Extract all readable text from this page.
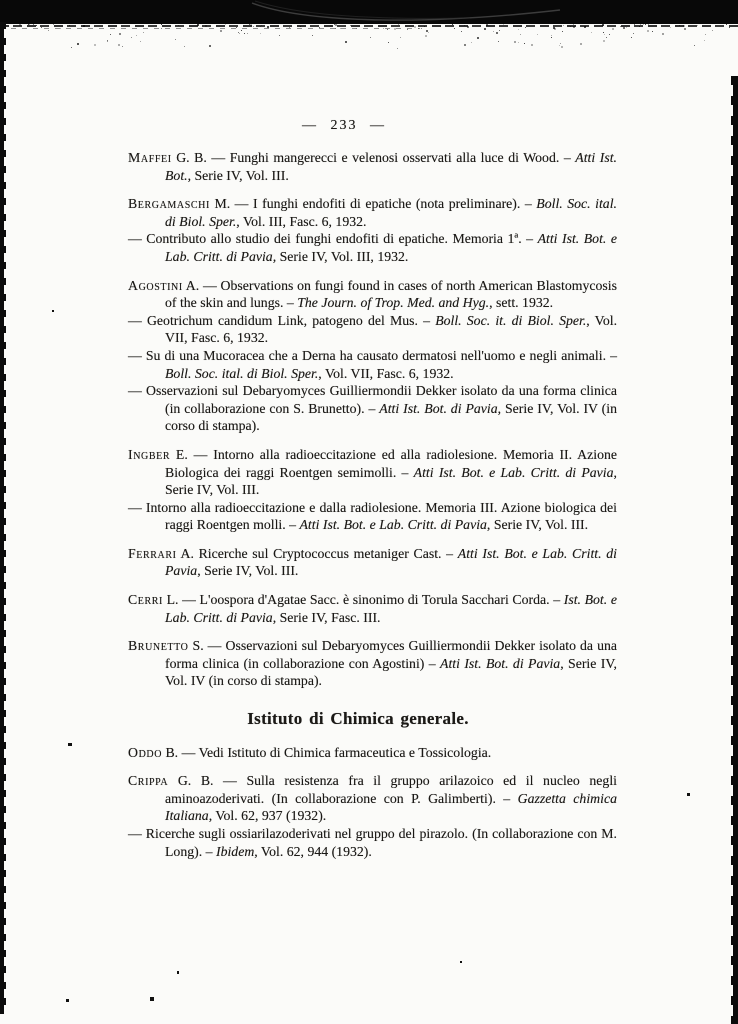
— 233 —

Maffei G. B. — Funghi mangerecci e velenosi osservati alla luce di Wood. – Atti Ist. Bot., Serie IV, Vol. III.

Bergamaschi M. — I funghi endofiti di epatiche (nota preliminare). – Boll. Soc. ital. di Biol. Sper., Vol. III, Fasc. 6, 1932.

— Contributo allo studio dei funghi endofiti di epatiche. Memoria 1ª. – Atti Ist. Bot. e Lab. Critt. di Pavia, Serie IV, Vol. III, 1932.

Agostini A. — Observations on fungi found in cases of north American Blastomycosis of the skin and lungs. – The Journ. of Trop. Med. and Hyg., sett. 1932.

— Geotrichum candidum Link, patogeno del Mus. – Boll. Soc. it. di Biol. Sper., Vol. VII, Fasc. 6, 1932.

— Su di una Mucoracea che a Derna ha causato dermatosi nell'uomo e negli animali. – Boll. Soc. ital. di Biol. Sper., Vol. VII, Fasc. 6, 1932.

— Osservazioni sul Debaryomyces Guilliermondii Dekker isolato da una forma clinica (in collaborazione con S. Brunetto). – Atti Ist. Bot. di Pavia, Serie IV, Vol. IV (in corso di stampa).

Ingber E. — Intorno alla radioeccitazione ed alla radiolesione. Memoria II. Azione Biologica dei raggi Roentgen semimolli. – Atti Ist. Bot. e Lab. Critt. di Pavia, Serie IV, Vol. III.

— Intorno alla radioeccitazione e dalla radiolesione. Memoria III. Azione biologica dei raggi Roentgen molli. – Atti Ist. Bot. e Lab. Critt. di Pavia, Serie IV, Vol. III.

Ferrari A. Ricerche sul Cryptococcus metaniger Cast. – Atti Ist. Bot. e Lab. Critt. di Pavia, Serie IV, Vol. III.

Cerri L. — L'oospora d'Agatae Sacc. è sinonimo di Torula Sacchari Corda. – Ist. Bot. e Lab. Critt. di Pavia, Serie IV, Fasc. III.

Brunetto S. — Osservazioni sul Debaryomyces Guilliermondii Dekker isolato da una forma clinica (in collaborazione con Agostini) – Atti Ist. Bot. di Pavia, Serie IV, Vol. IV (in corso di stampa).

Istituto di Chimica generale.

Oddo B. — Vedi Istituto di Chimica farmaceutica e Tossicologia.

Crippa G. B. — Sulla resistenza fra il gruppo arilazoico ed il nucleo negli aminoazoderivati. (In collaborazione con P. Galimberti). – Gazzetta chimica Italiana, Vol. 62, 937 (1932).

— Ricerche sugli ossiarilazoderivati nel gruppo del pirazolo. (In collaborazione con M. Long). – Ibidem, Vol. 62, 944 (1932).
